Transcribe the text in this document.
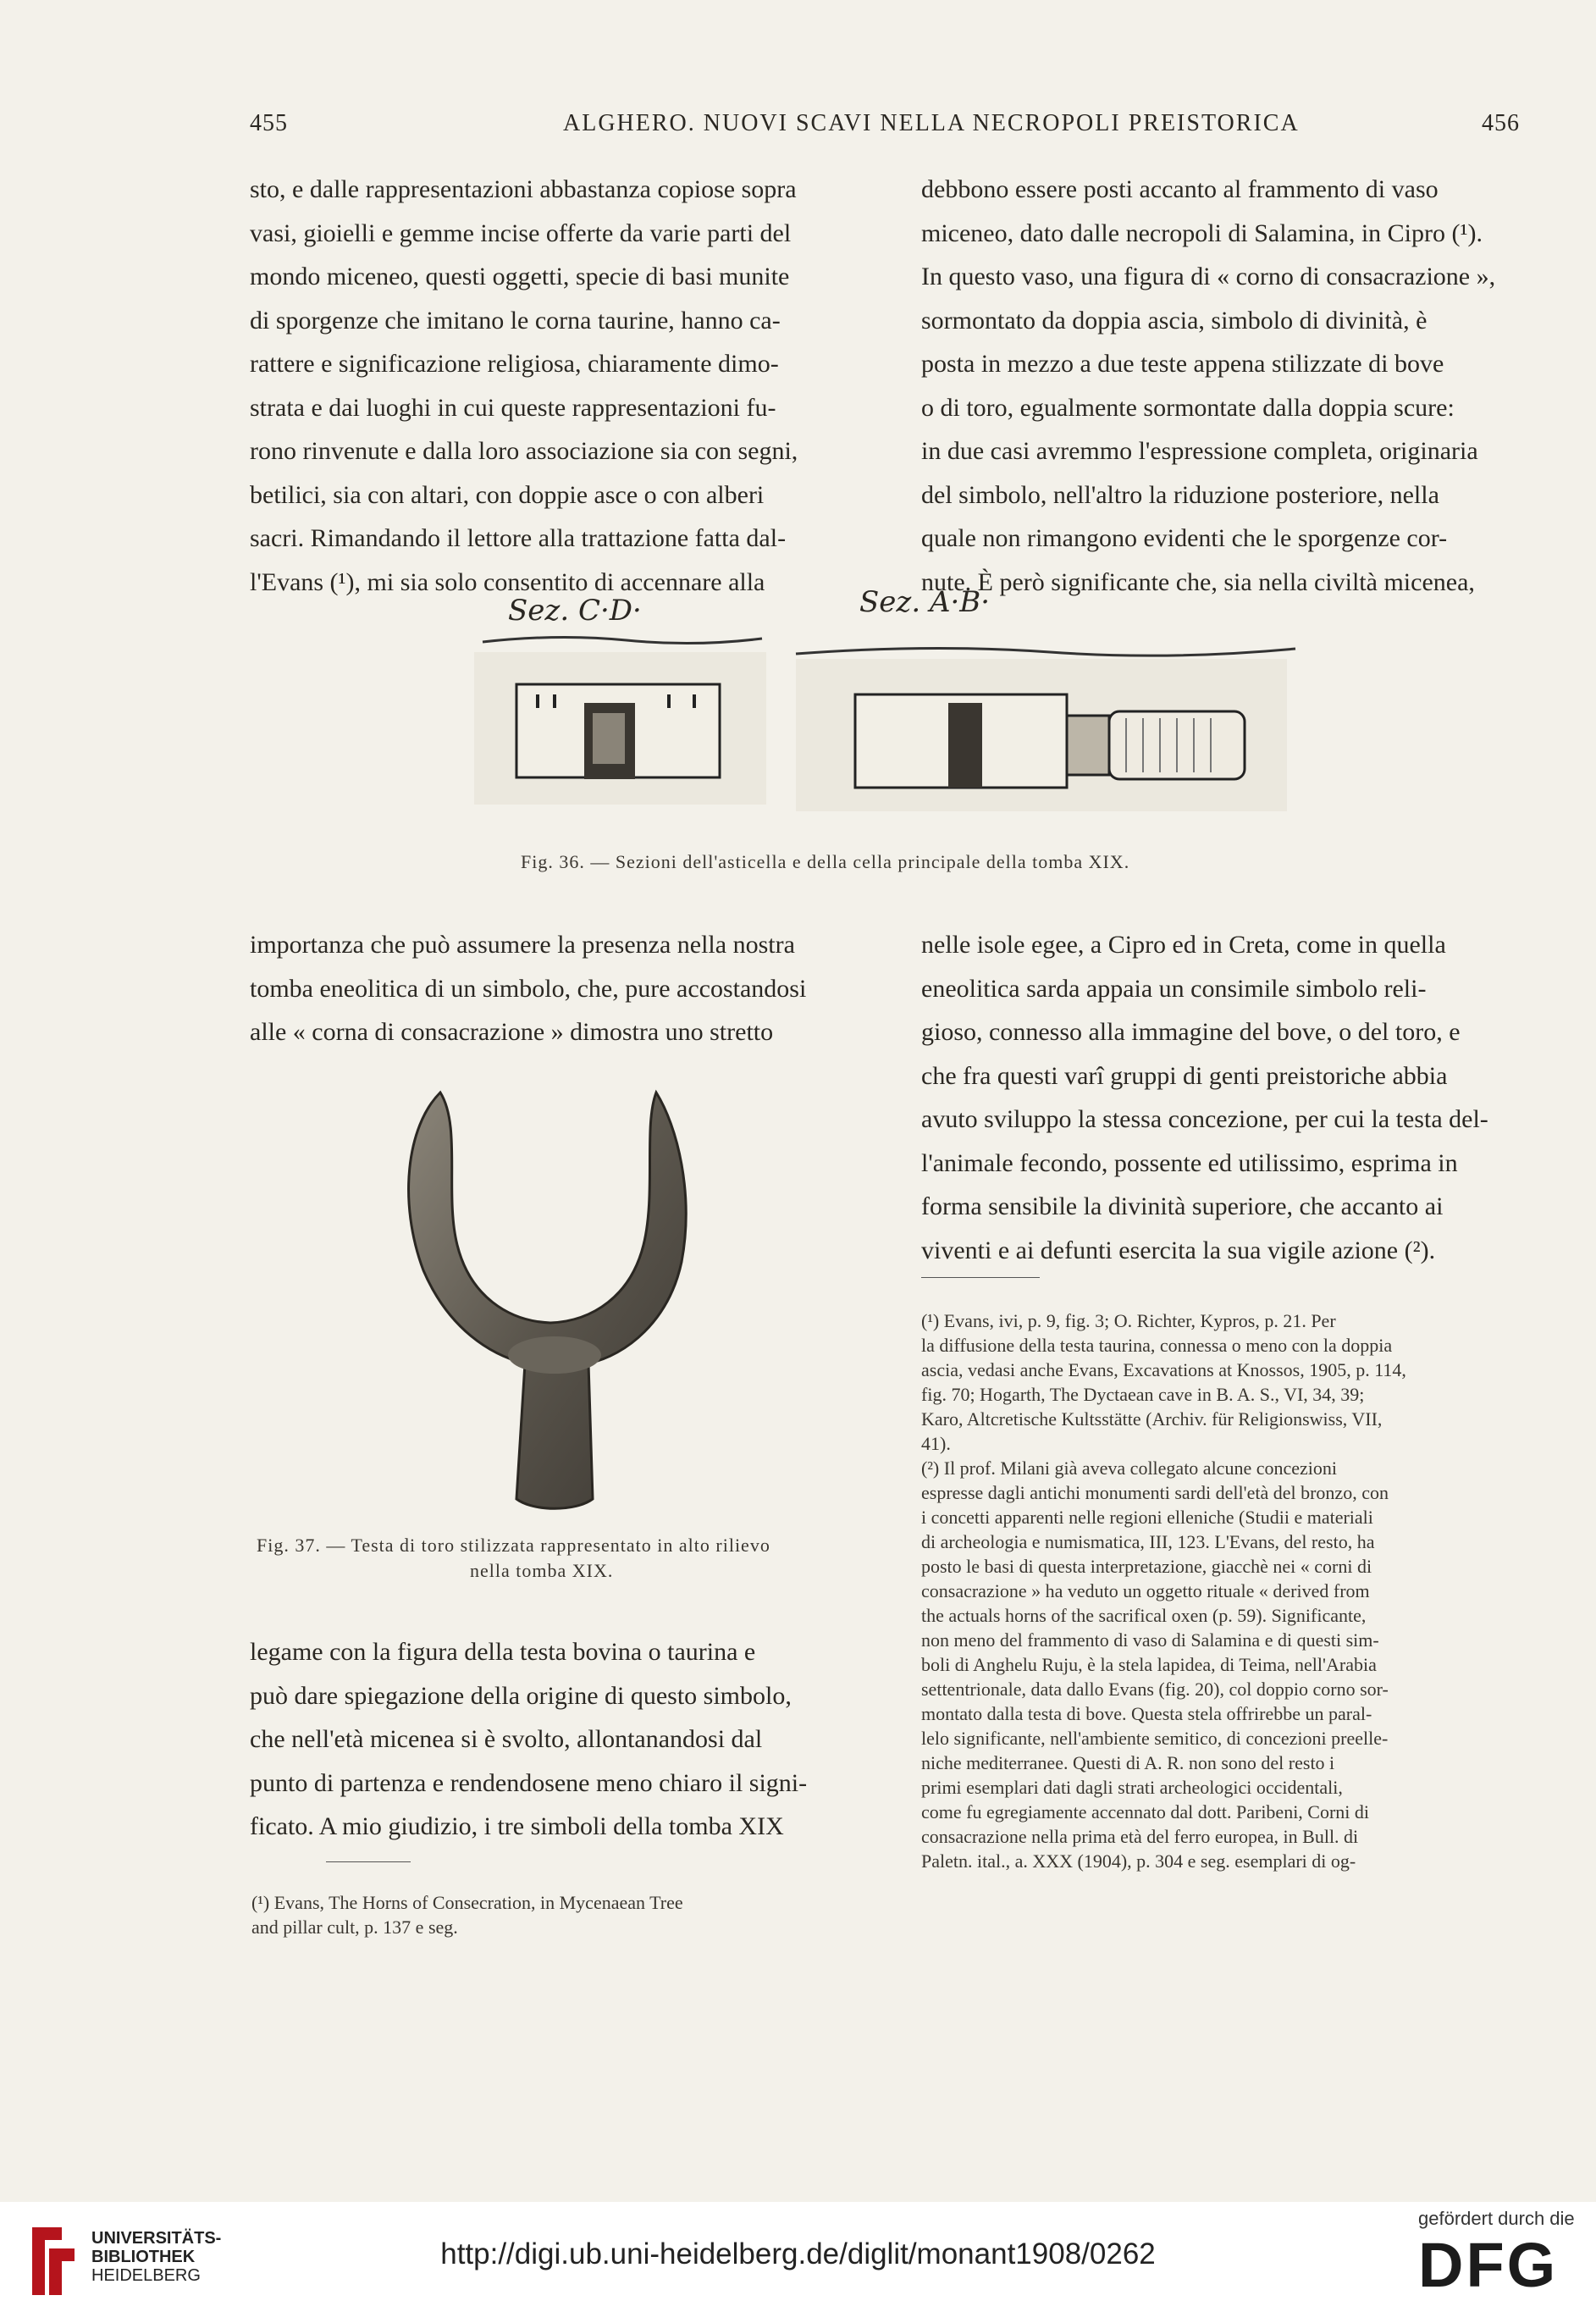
455	ALGHERO. NUOVI SCAVI NELLA NECROPOLI PREISTORICA	456

sto, e dalle rappresentazioni abbastanza copiose sopra

vasi, gioielli e gemme incise offerte da varie parti del

mondo miceneo, questi oggetti, specie di basi munite

di sporgenze che imitano le corna taurine, hanno ca-

rattere e significazione religiosa, chiaramente dimo-

strata e dai luoghi in cui queste rappresentazioni fu-

rono rinvenute e dalla loro associazione sia con segni,

betilici, sia con altari, con doppie asce o con alberi

sacri. Rimandando il lettore alla trattazione fatta dal-

l'Evans (¹), mi sia solo consentito di accennare alla

debbono essere posti accanto al frammento di vaso

miceneo, dato dalle necropoli di Salamina, in Cipro (¹).

In questo vaso, una figura di « corno di consacrazione »,

sormontato da doppia ascia, simbolo di divinità, è

posta in mezzo a due teste appena stilizzate di bove

o di toro, egualmente sormontate dalla doppia scure:

in due casi avremmo l'espressione completa, originaria

del simbolo, nell'altro la riduzione posteriore, nella

quale non rimangono evidenti che le sporgenze cor-

nute. È però significante che, sia nella civiltà micenea,

Sez. C·D·	Sez. A·B·
Fig. 36. — Sezioni dell'asticella e della cella principale della tomba XIX.

importanza che può assumere la presenza nella nostra

tomba eneolitica di un simbolo, che, pure accostandosi

alle « corna di consacrazione » dimostra uno stretto

Fig. 37. — Testa di toro stilizzata rappresentato in alto rilievo
nella tomba XIX.

legame con la figura della testa bovina o taurina e

può dare spiegazione della origine di questo simbolo,

che nell'età micenea si è svolto, allontanandosi dal

punto di partenza e rendendosene meno chiaro il signi-

ficato. A mio giudizio, i tre simboli della tomba XIX

(¹) Evans, The Horns of Consecration, in Mycenaean Tree

and pillar cult, p. 137 e seg.

nelle isole egee, a Cipro ed in Creta, come in quella

eneolitica sarda appaia un consimile simbolo reli-

gioso, connesso alla immagine del bove, o del toro, e

che fra questi varî gruppi di genti preistoriche abbia

avuto sviluppo la stessa concezione, per cui la testa del-

l'animale fecondo, possente ed utilissimo, esprima in

forma sensibile la divinità superiore, che accanto ai

viventi e ai defunti esercita la sua vigile azione (²).

(¹) Evans, ivi, p. 9, fig. 3; O. Richter, Kypros, p. 21. Per

la diffusione della testa taurina, connessa o meno con la doppia

ascia, vedasi anche Evans, Excavations at Knossos, 1905, p. 114,

fig. 70; Hogarth, The Dyctaean cave in B. A. S., VI, 34, 39;

Karo, Altcretische Kultsstätte (Archiv. für Religionswiss, VII,

41).

(²) Il prof. Milani già aveva collegato alcune concezioni

espresse dagli antichi monumenti sardi dell'età del bronzo, con

i concetti apparenti nelle regioni elleniche (Studii e materiali

di archeologia e numismatica, III, 123. L'Evans, del resto, ha

posto le basi di questa interpretazione, giacchè nei « corni di

consacrazione » ha veduto un oggetto rituale « derived from

the actuals horns of the sacrifical oxen (p. 59). Significante,

non meno del frammento di vaso di Salamina e di questi sim-

boli di Anghelu Ruju, è la stela lapidea, di Teima, nell'Arabia

settentrionale, data dallo Evans (fig. 20), col doppio corno sor-

montato dalla testa di bove. Questa stela offrirebbe un paral-

lelo significante, nell'ambiente semitico, di concezioni preelle-

niche mediterranee. Questi di A. R. non sono del resto i

primi esemplari dati dagli strati archeologici occidentali,

come fu egregiamente accennato dal dott. Paribeni, Corni di

consacrazione nella prima età del ferro europea, in Bull. di

Paletn. ital., a. XXX (1904), p. 304 e seg. esemplari di og-

UNIVERSITÄTS-
BIBLIOTHEK
HEIDELBERG
http://digi.ub.uni-heidelberg.de/diglit/monant1908/0262
gefördert durch die
DFG
